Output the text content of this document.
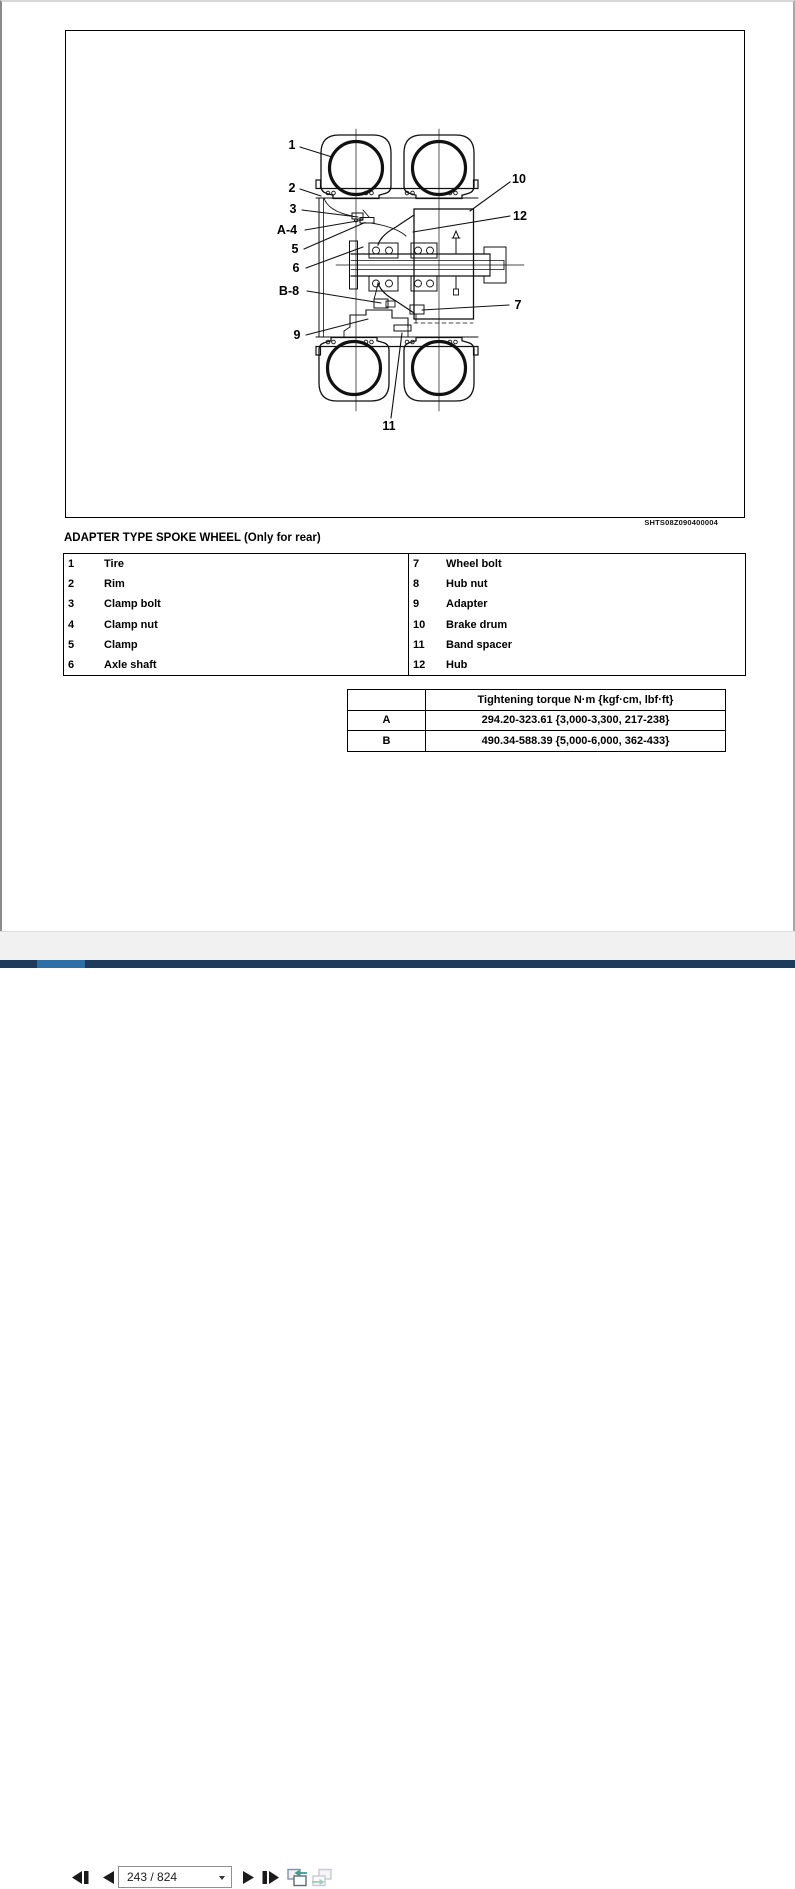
1
2
3
A-4
5
6
B-8
9
10
12
7
11
SHTS08Z090400004
ADAPTER TYPE SPOKE WHEEL (Only for rear)
1	Tire	7	Wheel bolt
2	Rim	8	Hub nut
3	Clamp bolt	9	Adapter
4	Clamp nut	10	Brake drum
5	Clamp	11	Band spacer
6	Axle shaft	12	Hub
	Tightening torque N·m {kgf·cm, lbf·ft}
A	294.20-323.61 {3,000-3,300, 217-238}
B	490.34-588.39 {5,000-6,000, 362-433}
243 / 824
